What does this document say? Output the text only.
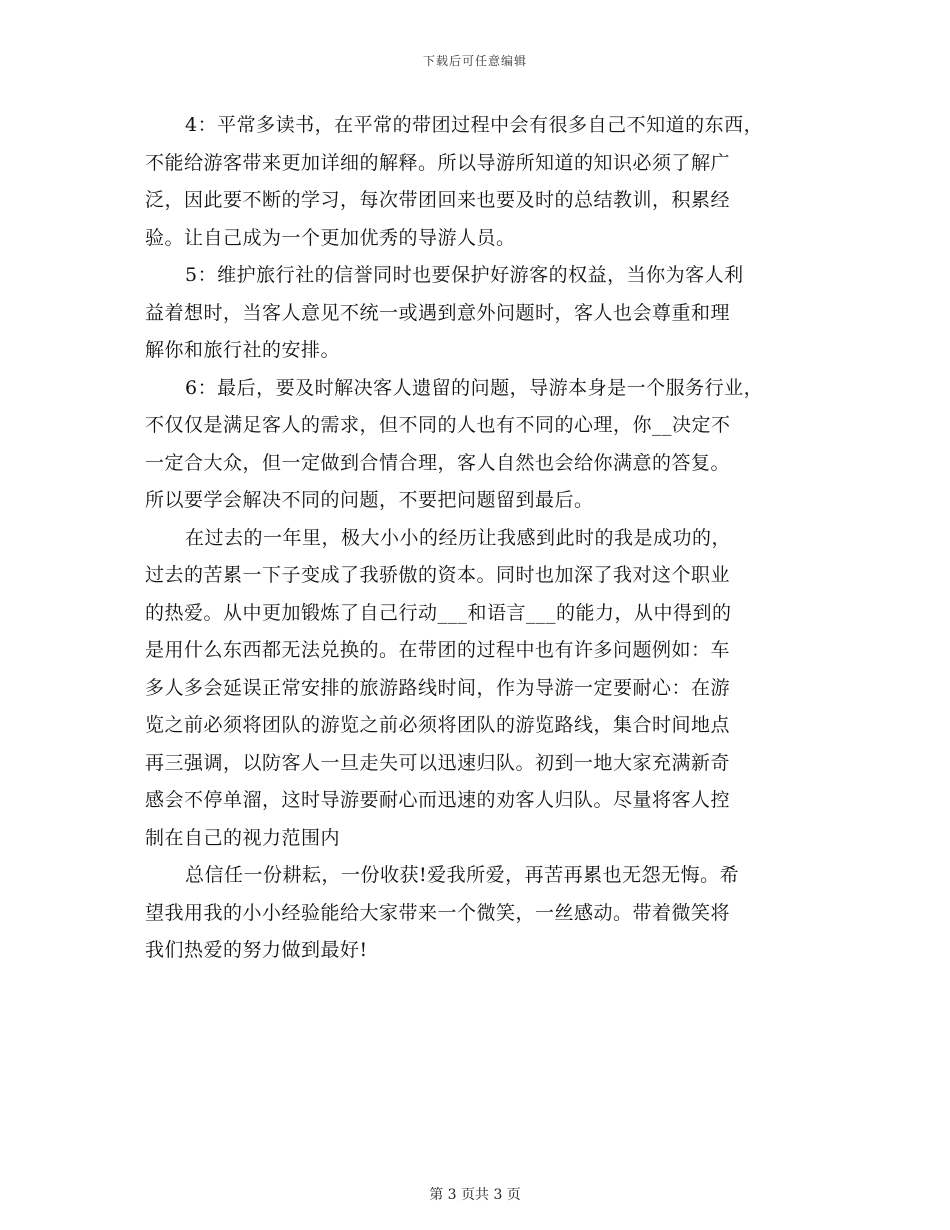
下载后可任意编辑
4：平常多读书，在平常的带团过程中会有很多自己不知道的东西，
不能给游客带来更加详细的解释。所以导游所知道的知识必须了解广
泛，因此要不断的学习，每次带团回来也要及时的总结教训，积累经
验。让自己成为一个更加优秀的导游人员。
5：维护旅行社的信誉同时也要保护好游客的权益，当你为客人利
益着想时，当客人意见不统一或遇到意外问题时，客人也会尊重和理
解你和旅行社的安排。
6：最后，要及时解决客人遗留的问题，导游本身是一个服务行业，
不仅仅是满足客人的需求，但不同的人也有不同的心理，你__决定不
一定合大众，但一定做到合情合理，客人自然也会给你满意的答复。
所以要学会解决不同的问题，不要把问题留到最后。
在过去的一年里，极大小小的经历让我感到此时的我是成功的，
过去的苦累一下子变成了我骄傲的资本。同时也加深了我对这个职业
的热爱。从中更加锻炼了自己行动___和语言___的能力，从中得到的
是用什么东西都无法兑换的。在带团的过程中也有许多问题例如：车
多人多会延误正常安排的旅游路线时间，作为导游一定要耐心：在游
览之前必须将团队的游览之前必须将团队的游览路线，集合时间地点
再三强调，以防客人一旦走失可以迅速归队。初到一地大家充满新奇
感会不停单溜，这时导游要耐心而迅速的劝客人归队。尽量将客人控
制在自己的视力范围内
总信任一份耕耘，一份收获!爱我所爱，再苦再累也无怨无悔。希
望我用我的小小经验能给大家带来一个微笑，一丝感动。带着微笑将
我们热爱的努力做到最好!
第 3 页共 3 页
